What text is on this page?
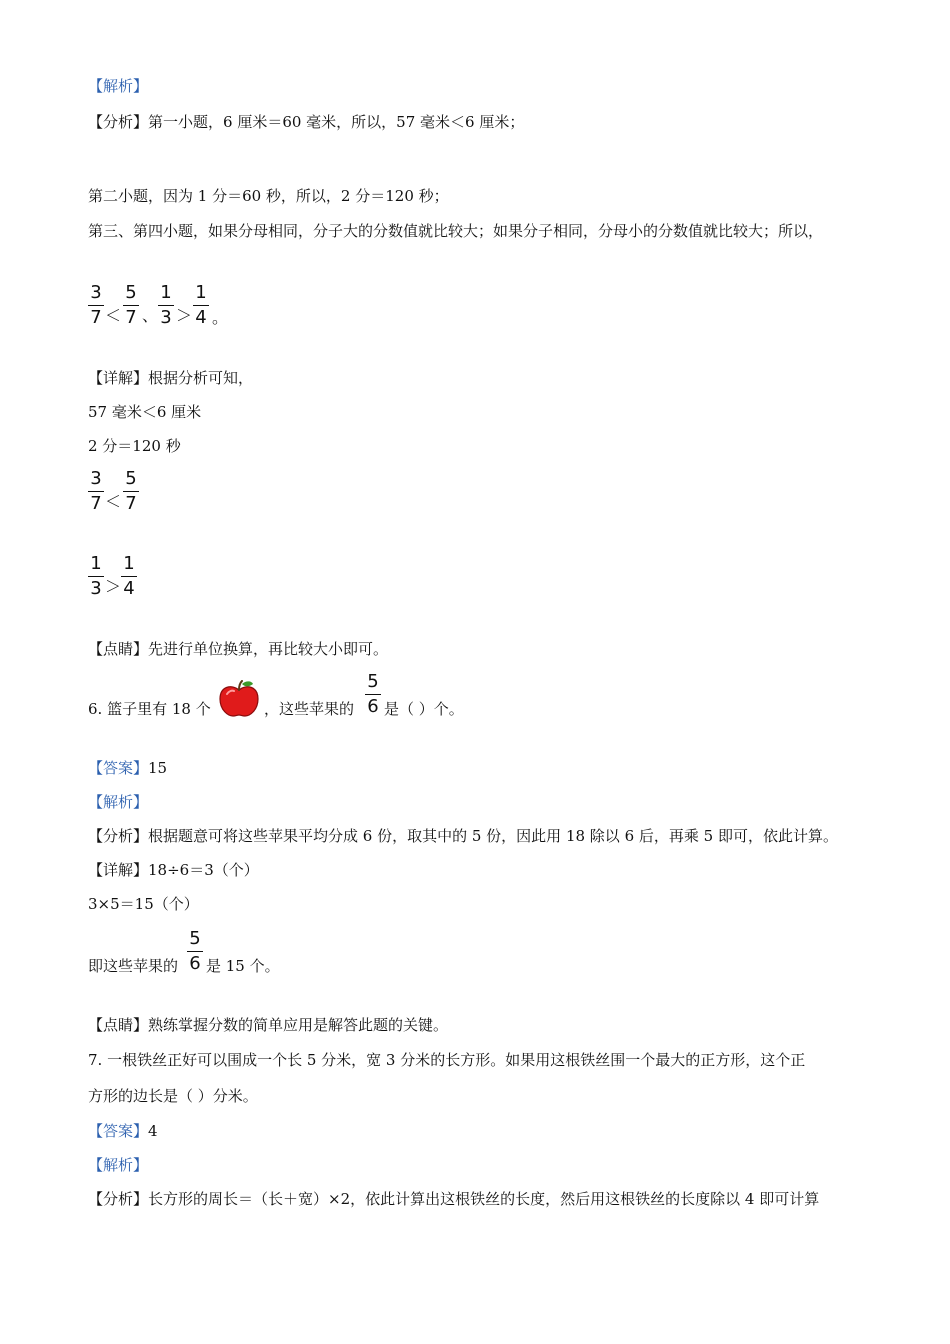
【解析】
【分析】第一小题，6 厘米＝60 毫米，所以，57 毫米＜6 厘米；
第二小题，因为 1 分＝60 秒，所以，2 分＝120 秒；
第三、第四小题，如果分母相同，分子大的分数值就比较大；如果分子相同，分母小的分数值就比较大；所以，
3
7 ＜
5
7 、
1
3 ＞
1
4 。
【详解】根据分析可知，
57 毫米＜6 厘米
2 分＝120 秒
3
7 ＜
5
7
1
3 ＞
1
4
【点睛】先进行单位换算，再比较大小即可。
6. 篮子里有 18 个	，这些苹果的
5
6 是（ ）个。
【答案】15
【解析】
【分析】根据题意可将这些苹果平均分成 6 份，取其中的 5 份，因此用 18 除以 6 后，再乘 5 即可，依此计算。
【详解】18÷6＝3（个）
3×5＝15（个）
即这些苹果的
5
6 是 15 个。
【点睛】熟练掌握分数的简单应用是解答此题的关键。
7. 一根铁丝正好可以围成一个长 5 分米，宽 3 分米的长方形。如果用这根铁丝围一个最大的正方形，这个正
方形的边长是（ ）分米。
【答案】4
【解析】
【分析】长方形的周长＝（长＋宽）×2，依此计算出这根铁丝的长度，然后用这根铁丝的长度除以 4 即可计算
